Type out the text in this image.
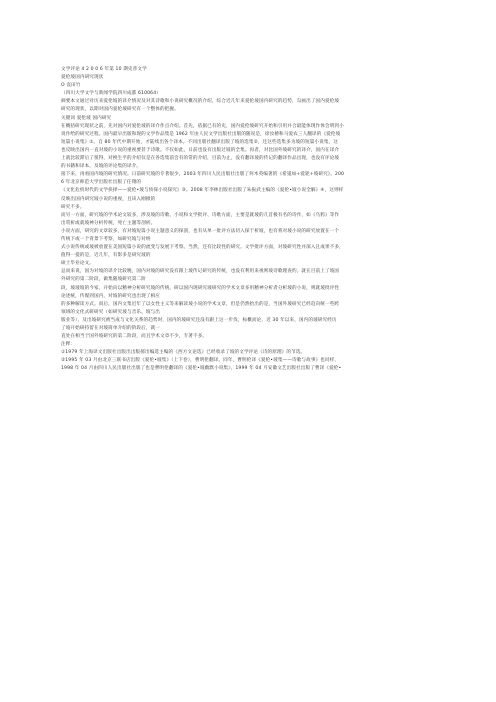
文学评论 4 2 0 0 6 年第 10 期史普文学
爱伦坡国内研究现状
O 袁田竹
（四川大学文学与新闻学院四川成都 610064）
摘要本文通过对历来爱伦坡的译介情况及对其诗歌和小说研究概况的介绍，综合近几年来爱伦坡国内研究的趋势，勾画出了国内爱伦坡
研究的现状，以期对国内爱伦坡研究有一个整体的把握。
关键词 爱伦坡 国内研究
在概括研究现状之前，先对国内对爱伦坡的译介作点介绍。首先，依据已有的史，国内爱伦坡研究开始和引用并合最能体现作体会明到小
说作给的研究过程。国内最早出版和现的文学作品集是 1962 年由人民文学出版社出版的随说是，徐汝椿和马爱农三人翻译的《爱伦坡
短篇小说集》①。自 80 年代中期开始，才陆续出各个译本。不同出版社翻译出版了坡的选集②，还这些选集多为坡的短篇小说集，这
也反映出国内一直对坡的小说的重视要甚于诗歌。不仅如此，日前也没有出版过坡的全集。再者，对比国外坡研究的译介，国内在译介
上就比较滞后了很得，对换生平的介绍仅是在各选集前会有的常的介绍，目前为止，没有翻译坡的传记的翻译作品出现，也没有评论坡
的书籍和译本，及坡的评论集的译介。
接下来，再看国内坡的研究情况。日前研究坡的专著很少，2003 年四川人民出版社出版了何木英编著的《希嵬如+爱轮+坡研究》。200
6 年北京师范大学出版社出版了任翔的
《文化危机时代的文学抉择——爱伦•坡与侦探小说探究》③。2008 年李林出版社出版了朱振武主编的《爱伦•坡小说全解》④，这则样
反映出国内研究坡小说的重视，且该入刚掀的
研究不多。
而另一方面，研究坡的学术论文较多，涉及坡的诗歌、小说和文学批评、诗歌方面，主要是就坡的几首极有名的诗作，如《乌鸦》等作
出赏析或就坡神分析传统，死亡主题等剖析。
小说方面，研究的文章较多，有对坡短篇小说主题意义的探剖，也有从单一批评方法切入探于析坡，也有将对坡小说的研究放置在一个
传统下或一个背景下考察，如研究坡与对纳
式小说传统或坡被放置在美国短篇小说的流变与发展下考察。当然，还有比较性的研究。文学批评方面，对坡研究性并深入且成果不多，
值得一提的是，近几年，有影多是研究坡的
硕士毕业论文。
总而来说，国为对坡的译介比较晚，国内对坡的研究没有跟上坡传记研究的传统，也没有利用来视则坡诗歌理查约。就在目前上了坡国
外研究的第二阶段，做集随坡研究第二阶
段，坡坡坡的今家，开始向以精神分析研究坡的传统，研以国内现研究坡研究的学术文章多用精神分析者分析坡的小说，则就坡批评性
论述统，传媒到国内，对坡的研究也出现了相应
的多种解读方式。而后，国内文集近年了以女性主义等来解读坡小说的学术文章，但是仍然抬出的是，当国外坡研究已经趋向统一些跨
领域的文化式研研究（如研究坡与音乐、坡与出
版业等），及出坡研究被当成与文化关系的趋势时，国内的坡研究还没有跟上这一步伐，标概而论，近 30 年以来，国内的坡研究经历
了坡开始研持留在对坡简单介绍的阶段后，就一
直处在相当于国外坡研究的第二阶段，而且学术文章不少，专著不多。
注释：
①1979 年上海译文出版社出版出出版郝出编选主编的《西方文论选》已经收录了坡的文学评论《诗的原理》的节选。
②1995 年 03 月由北京三联书店出版《爱伦•坡集》（上下卷），曹明伦翻译。同年，曹明伦译《爱伦•坡集——诗歌与故事》也同样，
1998 年 04 月由四川人民出版社出版了也是曹明伦翻译的《爱伦•坡幽默小说集》，1999 年 04 月安徽文艺出版社出版了曹译《爱伦•
